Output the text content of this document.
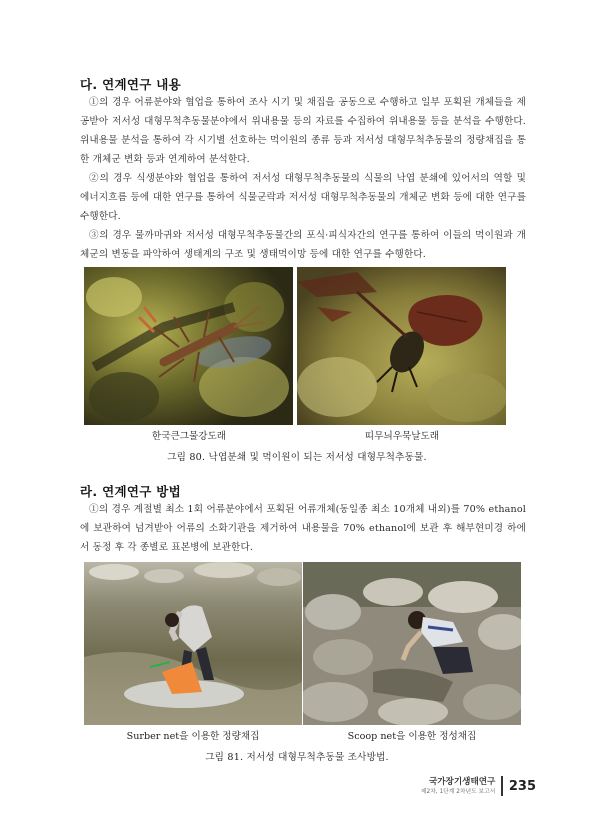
다. 연계연구 내용

①의 경우 어류분야와 협업을 통하여 조사 시기 및 채집을 공동으로 수행하고 일부 포획된 개체들을 제공받아 저서성 대형무척추동물분야에서 위내용물 등의 자료를 수집하여 위내용물 등을 분석을 수행한다. 위내용물 분석을 통하여 각 시기별 선호하는 먹이원의 종류 등과 저서성 대형무척추동물의 정량채집을 통한 개체군 변화 등과 연계하여 분석한다.

②의 경우 식생분야와 협업을 통하여 저서성 대형무척추동물의 식물의 낙엽 분쇄에 있어서의 역할 및 에너지흐름 등에 대한 연구를 통하여 식물군락과 저서성 대형무척추동물의 개체군 변화 등에 대한 연구를 수행한다.

③의 경우 물까마귀와 저서성 대형무척추동물간의 포식·피식자간의 연구를 통하여 이들의 먹이원과 개체군의 변동을 파악하여 생태계의 구조 및 생태먹이망 등에 대한 연구를 수행한다.

한국큰그물강도래	띠무늬우묵날도래
그림 80. 낙엽분쇄 및 먹이원이 되는 저서성 대형무척추동물.
라. 연계연구 방법

①의 경우 계절별 최소 1회 어류분야에서 포획된 어류개체(동일종 최소 10개체 내외)를 70% ethanol에 보관하여 넘겨받아 어류의 소화기관을 제거하여 내용물을 70% ethanol에 보관 후 해부현미경 하에서 동정 후 각 종별로 표본병에 보관한다.

Surber net을 이용한 정량채집	Scoop net을 이용한 정성채집
그림 81. 저서성 대형무척추동물 조사방법.
국가장기생태연구
제2차, 1단계 2차년도 보고서 235
